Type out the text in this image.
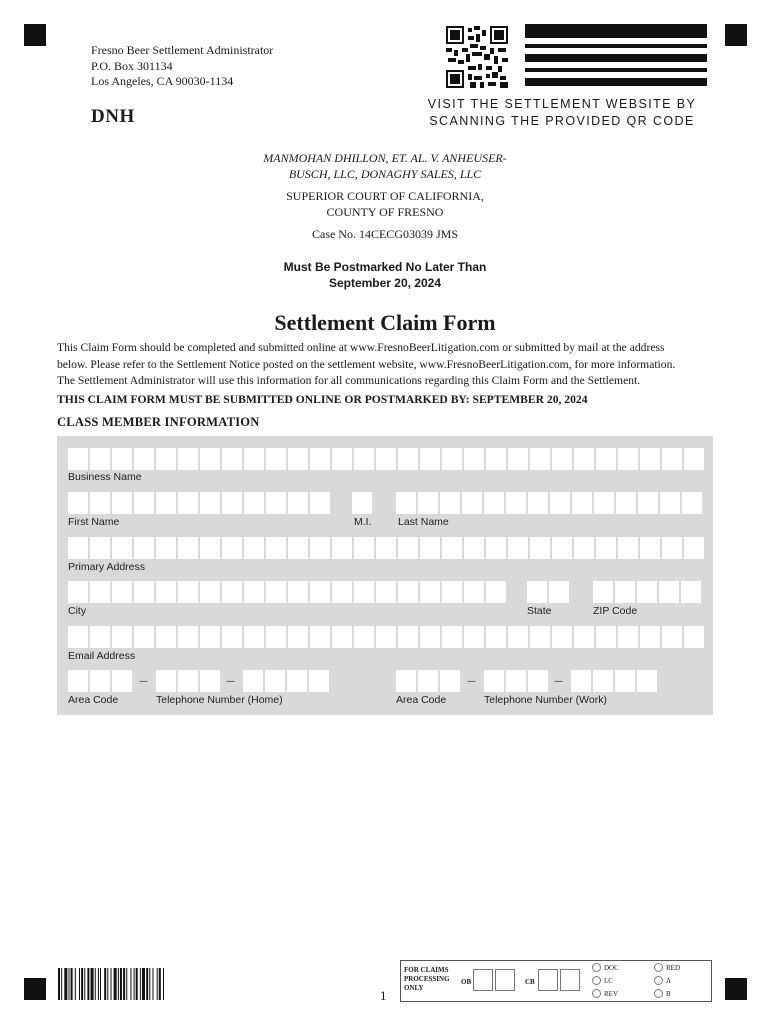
Fresno Beer Settlement Administrator
P.O. Box 301134
Los Angeles, CA 90030-1134
DNH
VISIT THE SETTLEMENT WEBSITE BY
SCANNING THE PROVIDED QR CODE
MANMOHAN DHILLON, ET. AL. V. ANHEUSER-
BUSCH, LLC, DONAGHY SALES, LLC
SUPERIOR COURT OF CALIFORNIA,
COUNTY OF FRESNO
Case No. 14CECG03039 JMS
Must Be Postmarked No Later Than
September 20, 2024
Settlement Claim Form
This Claim Form should be completed and submitted online at www.FresnoBeerLitigation.com or submitted by mail at the address
below. Please refer to the Settlement Notice posted on the settlement website, www.FresnoBeerLitigation.com, for more information.
The Settlement Administrator will use this information for all communications regarding this Claim Form and the Settlement.
THIS CLAIM FORM MUST BE SUBMITTED ONLINE OR POSTMARKED BY: SEPTEMBER 20, 2024
CLASS MEMBER INFORMATION
Business Name
First Name	M.I.	Last Name
Primary Address
City	State	ZIP Code
Email Address
----	----	----	----
Area Code	Telephone Number (Home)	Area Code	Telephone Number (Work)
1
FOR CLAIMS
PROCESSING
ONLY
OB	CB
DOC
LC
REV
RED
A
B
